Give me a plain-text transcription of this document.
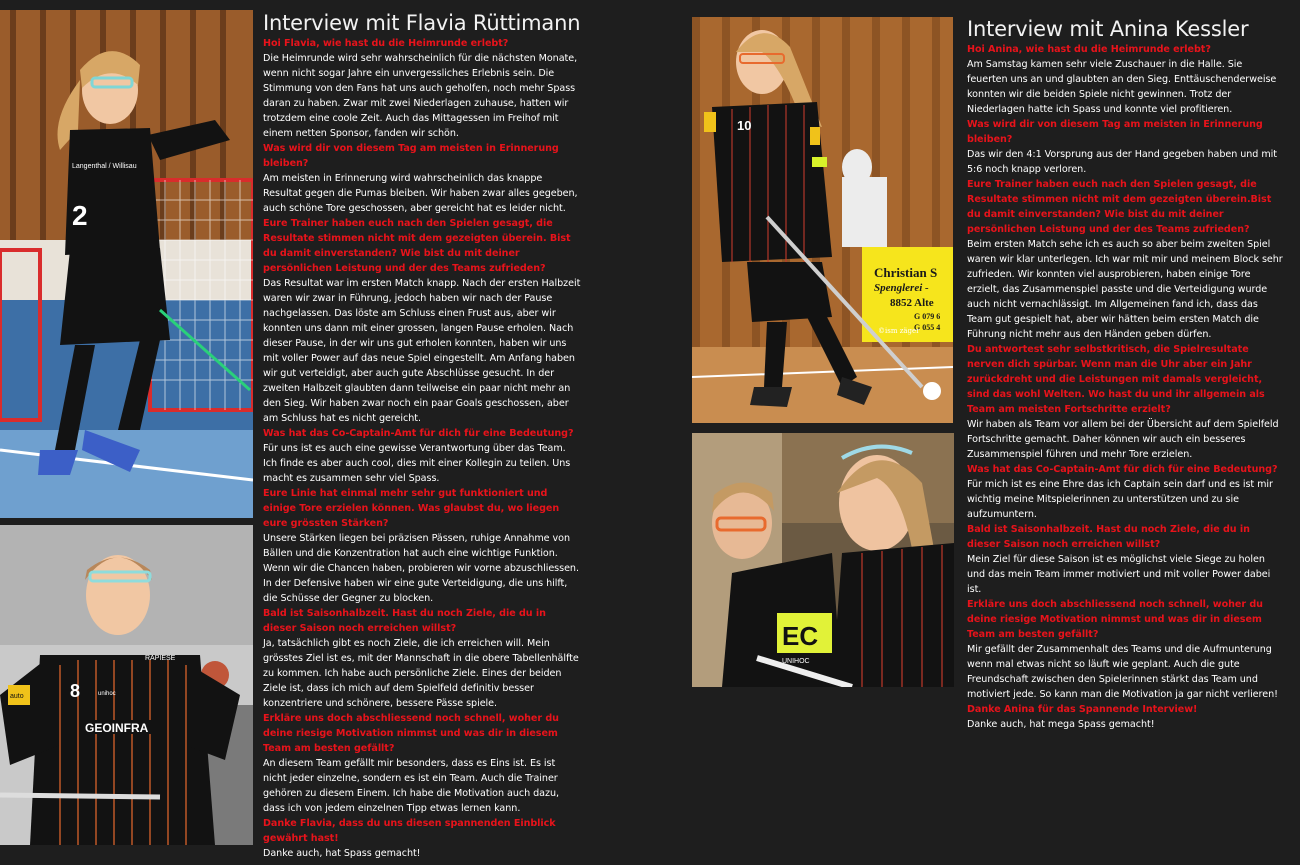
Langenthal / Willisau
2
8
RAPIESE
unihoc
GEOINFRA
auto
Interview mit Flavia Rüttimann
Hoi Flavia, wie hast du die Heimrunde erlebt?
Die Heimrunde wird sehr wahrscheinlich für die nächsten Monate, wenn nicht sogar Jahre ein unvergessliches Erlebnis sein. Die Stimmung von den Fans hat uns auch geholfen, noch mehr Spass daran zu haben. Zwar mit zwei Niederlagen zuhause, hatten wir trotzdem eine coole Zeit. Auch das Mittagessen im Freihof mit einem netten Sponsor, fanden wir schön.
Was wird dir von diesem Tag am meisten in Erinnerung bleiben?
Am meisten in Erinnerung wird wahrscheinlich das knappe Resultat gegen die Pumas bleiben. Wir haben zwar alles gegeben, auch schöne Tore geschossen, aber gereicht hat es leider nicht.
Eure Trainer haben euch nach den Spielen gesagt, die Resultate stimmen nicht mit dem gezeigten überein. Bist du damit einverstanden? Wie bist du mit deiner persönlichen Leistung und der des Teams zufrieden?
Das Resultat war im ersten Match knapp. Nach der ersten Halbzeit waren wir zwar in Führung, jedoch haben wir nach der Pause nachgelassen. Das löste am Schluss einen Frust aus, aber wir konnten uns dann mit einer grossen, langen Pause erholen. Nach dieser Pause, in der wir uns gut erholen konnten, haben wir uns mit voller Power auf das neue Spiel eingestellt. Am Anfang haben wir gut verteidigt, aber auch gute Abschlüsse gesucht. In der zweiten Halbzeit glaubten dann teilweise ein paar nicht mehr an den Sieg. Wir haben zwar noch ein paar Goals geschossen, aber am Schluss hat es nicht gereicht.
Was hat das Co-Captain-Amt für dich für eine Bedeutung?
Für uns ist es auch eine gewisse Verantwortung über das Team. Ich finde es aber auch cool, dies mit einer Kollegin zu teilen. Uns macht es zusammen sehr viel Spass.
Eure Linie hat einmal mehr sehr gut funktioniert und einige Tore erzielen können. Was glaubst du, wo liegen eure grössten Stärken?
Unsere Stärken liegen bei präzisen Pässen, ruhige Annahme von Bällen und die Konzentration hat auch eine wichtige Funktion. Wenn wir die Chancen haben, probieren wir vorne abzuschliessen. In der Defensive haben wir eine gute Verteidigung, die uns hilft, die Schüsse der Gegner zu blocken.
Bald ist Saisonhalbzeit. Hast du noch Ziele, die du in dieser Saison noch erreichen willst?
Ja, tatsächlich gibt es noch Ziele, die ich erreichen will. Mein grösstes Ziel ist es, mit der Mannschaft in die obere Tabellenhälfte zu kommen. Ich habe auch persönliche Ziele. Eines der beiden Ziele ist, dass ich mich auf dem Spielfeld definitiv besser konzentriere und schönere, bessere Pässe spiele.
Erkläre uns doch abschliessend noch schnell, woher du deine riesige Motivation nimmst und was dir in diesem Team am besten gefällt?
An diesem Team gefällt mir besonders, dass es Eins ist. Es ist nicht jeder einzelne, sondern es ist ein Team. Auch die Trainer gehören zu diesem Einem. Ich habe die Motivation auch dazu, dass ich von jedem einzelnen Tipp etwas lernen kann.
Danke Flavia, dass du uns diesen spannenden Einblick gewährt hast!
Danke auch, hat Spass gemacht!
Christian S
Spenglerei -
8852 Alte
G 079 6
G 055 4
©ism zäger
10
EC
UNIHOC
Interview mit Anina Kessler
Hoi Anina, wie hast du die Heimrunde erlebt?
Am Samstag kamen sehr viele Zuschauer in die Halle. Sie feuerten uns an und glaubten an den Sieg. Enttäuschenderweise konnten wir die beiden Spiele nicht gewinnen. Trotz der Niederlagen hatte ich Spass und konnte viel profitieren.
Was wird dir von diesem Tag am meisten in Erinnerung bleiben?
Das wir den 4:1 Vorsprung aus der Hand gegeben haben und mit 5:6 noch knapp verloren.
Eure Trainer haben euch nach den Spielen gesagt, die Resultate stimmen nicht mit dem gezeigten überein.Bist du damit einverstanden? Wie bist du mit deiner persönlichen Leistung und der des Teams zufrieden?
Beim ersten Match sehe ich es auch so aber beim zweiten Spiel waren wir klar unterlegen. Ich war mit mir und meinem Block sehr zufrieden. Wir konnten viel ausprobieren, haben einige Tore erzielt, das Zusammenspiel passte und die Verteidigung wurde auch nicht vernachlässigt. Im Allgemeinen fand ich, dass das Team gut gespielt hat, aber wir hätten beim ersten Match die Führung nicht mehr aus den Händen geben dürfen.
Du antwortest sehr selbstkritisch, die Spielresultate nerven dich spürbar. Wenn man die Uhr aber ein Jahr zurückdreht und die Leistungen mit damals vergleicht, sind das wohl Welten. Wo hast du und ihr allgemein als Team am meisten Fortschritte erzielt?
Wir haben als Team vor allem bei der Übersicht auf dem Spielfeld Fortschritte gemacht. Daher können wir auch ein besseres Zusammenspiel führen und mehr Tore erzielen.
Was hat das Co-Captain-Amt für dich für eine Bedeutung?
Für mich ist es eine Ehre das ich Captain sein darf und es ist mir wichtig meine Mitspielerinnen zu unterstützen und zu sie aufzumuntern.
Bald ist Saisonhalbzeit. Hast du noch Ziele, die du in dieser Saison noch erreichen willst?
Mein Ziel für diese Saison ist es möglichst viele Siege zu holen und das mein Team immer motiviert und mit voller Power dabei ist.
Erkläre uns doch abschliessend noch schnell, woher du deine riesige Motivation nimmst und was dir in diesem Team am besten gefällt?
Mir gefällt der Zusammenhalt des Teams und die Aufmunterung wenn mal etwas nicht so läuft wie geplant. Auch die gute Freundschaft zwischen den Spielerinnen stärkt das Team und motiviert jede. So kann man die Motivation ja gar nicht verlieren!
Danke Anina für das Spannende Interview!
Danke auch, hat mega Spass gemacht!
